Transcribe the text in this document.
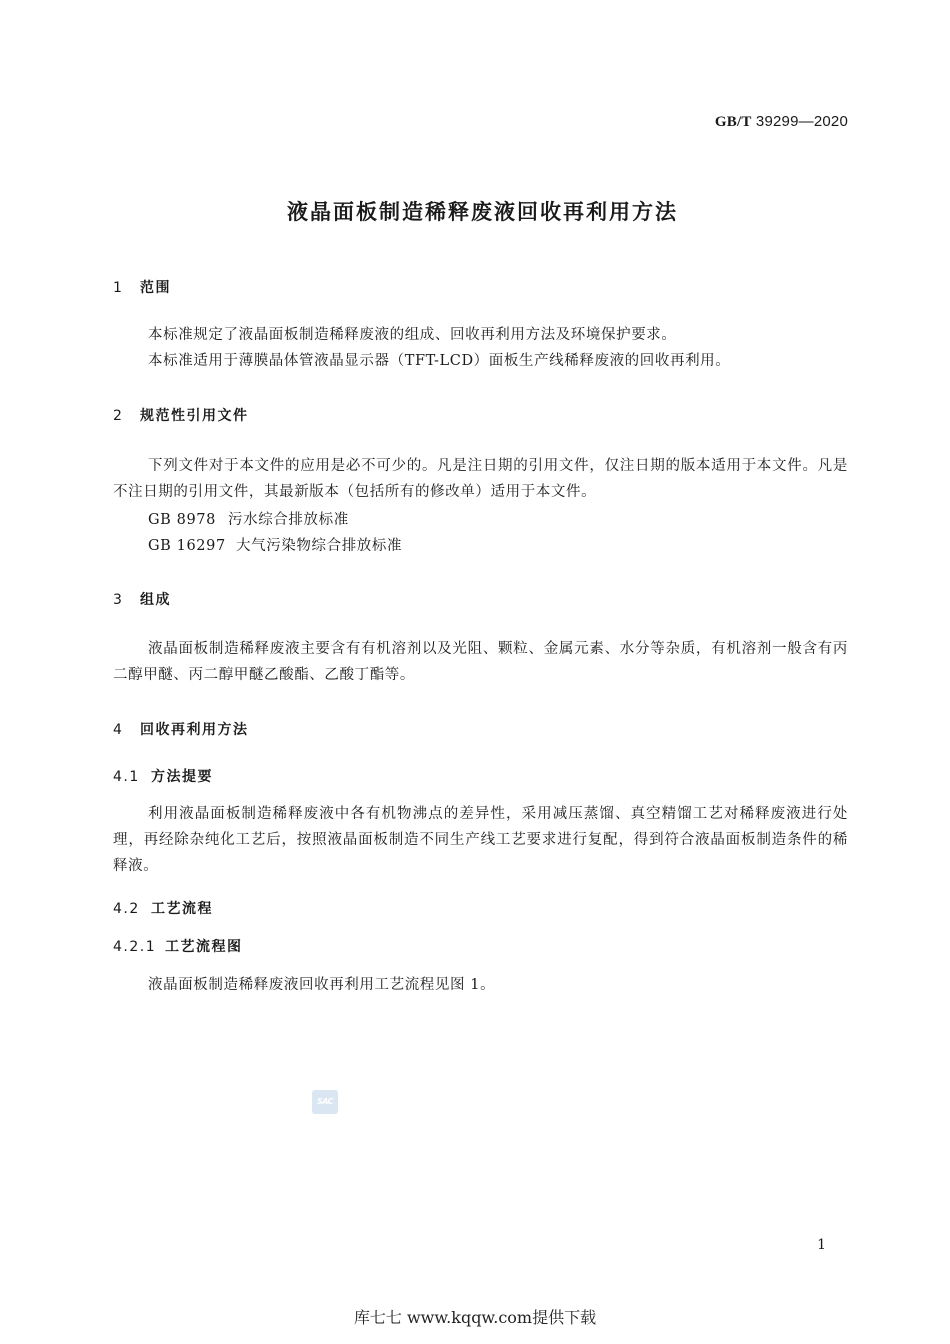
GB/T 39299—2020
液晶面板制造稀释废液回收再利用方法
1 范围
本标准规定了液晶面板制造稀释废液的组成、回收再利用方法及环境保护要求。
本标准适用于薄膜晶体管液晶显示器（TFT-LCD）面板生产线稀释废液的回收再利用。
2 规范性引用文件
下列文件对于本文件的应用是必不可少的。凡是注日期的引用文件，仅注日期的版本适用于本文件。凡是不注日期的引用文件，其最新版本（包括所有的修改单）适用于本文件。
GB 8978 污水综合排放标准
GB 16297 大气污染物综合排放标准
3 组成
液晶面板制造稀释废液主要含有有机溶剂以及光阻、颗粒、金属元素、水分等杂质，有机溶剂一般含有丙二醇甲醚、丙二醇甲醚乙酸酯、乙酸丁酯等。
4 回收再利用方法
4.1 方法提要
利用液晶面板制造稀释废液中各有机物沸点的差异性，采用减压蒸馏、真空精馏工艺对稀释废液进行处理，再经除杂纯化工艺后，按照液晶面板制造不同生产线工艺要求进行复配，得到符合液晶面板制造条件的稀释液。
4.2 工艺流程
4.2.1 工艺流程图
液晶面板制造稀释废液回收再利用工艺流程见图 1。
SAC
1
库七七 www.kqqw.com提供下载
